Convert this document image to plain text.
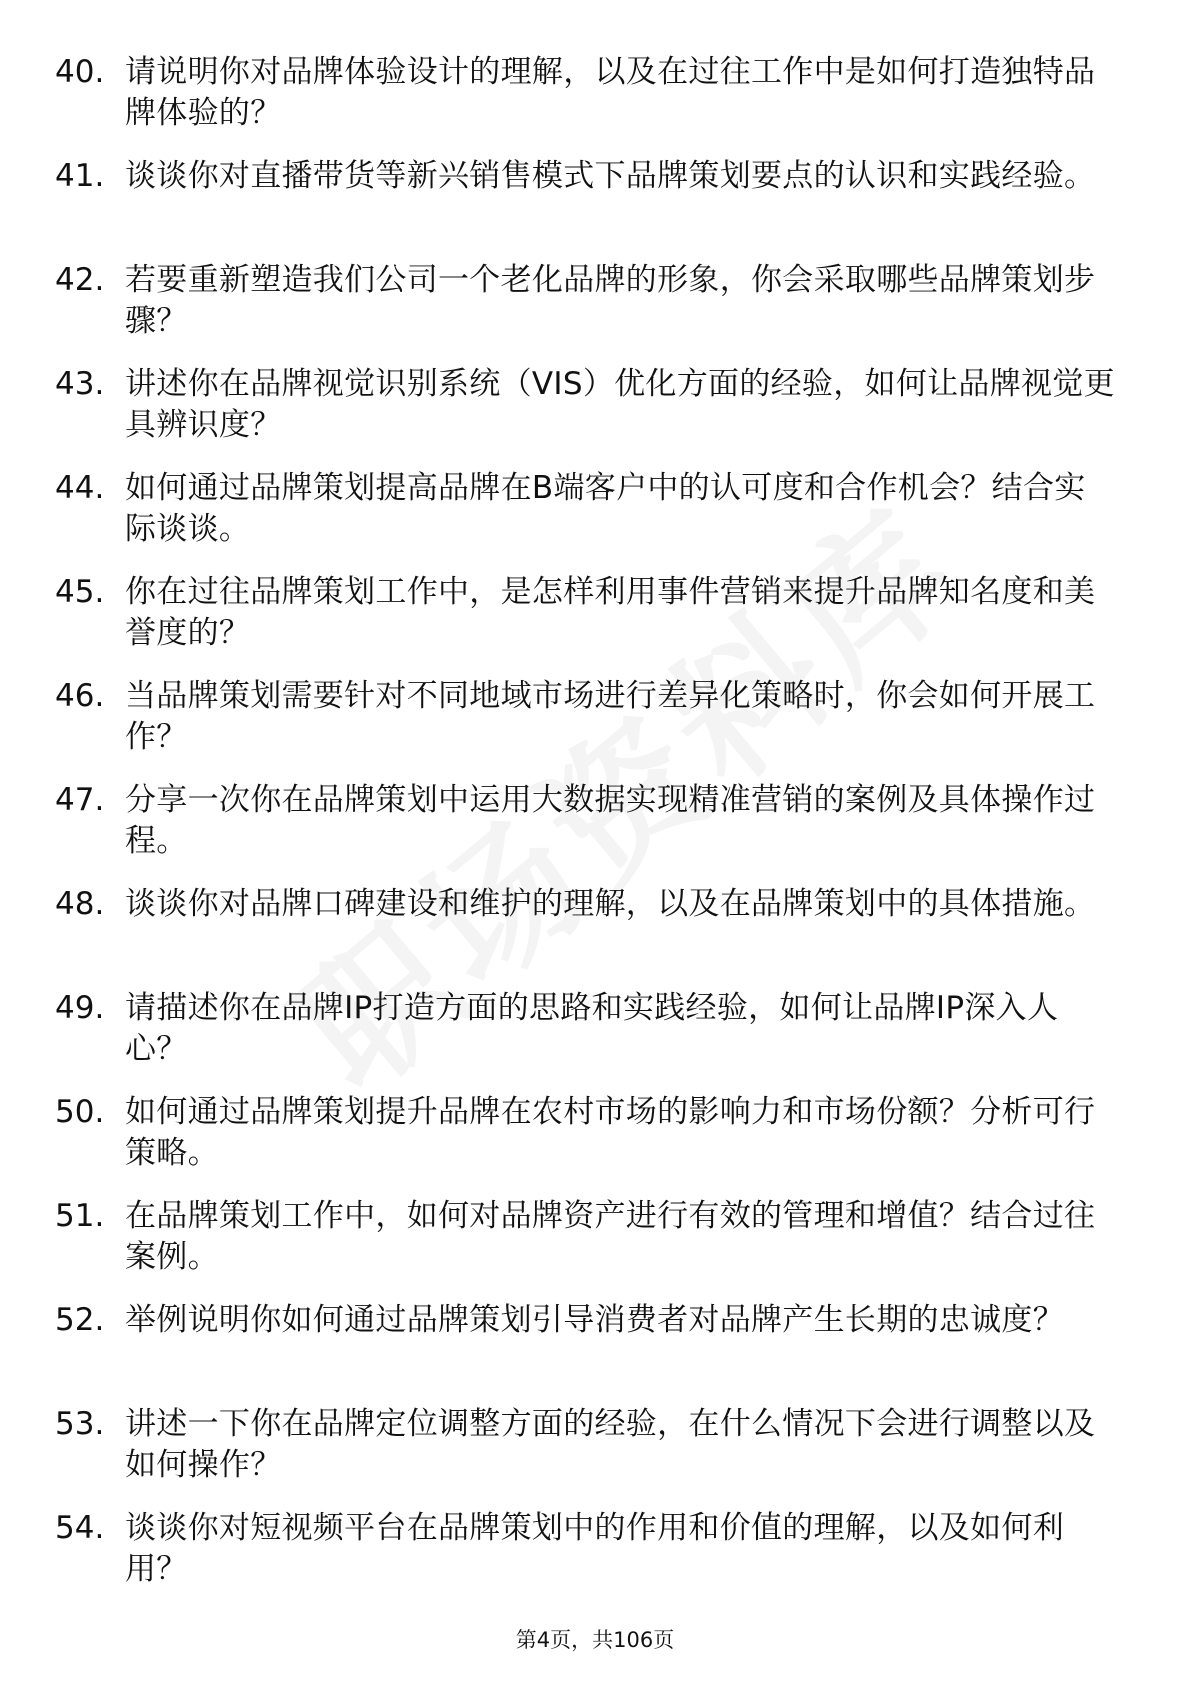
40. 请说明你对品牌体验设计的理解，以及在过往工作中是如何打造独特品牌体验的？
41. 谈谈你对直播带货等新兴销售模式下品牌策划要点的认识和实践经验。
42. 若要重新塑造我们公司一个老化品牌的形象，你会采取哪些品牌策划步骤？
43. 讲述你在品牌视觉识别系统（VIS）优化方面的经验，如何让品牌视觉更具辨识度？
44. 如何通过品牌策划提高品牌在B端客户中的认可度和合作机会？结合实际谈谈。
45. 你在过往品牌策划工作中，是怎样利用事件营销来提升品牌知名度和美誉度的？
46. 当品牌策划需要针对不同地域市场进行差异化策略时，你会如何开展工作？
47. 分享一次你在品牌策划中运用大数据实现精准营销的案例及具体操作过程。
48. 谈谈你对品牌口碑建设和维护的理解，以及在品牌策划中的具体措施。
49. 请描述你在品牌IP打造方面的思路和实践经验，如何让品牌IP深入人心？
50. 如何通过品牌策划提升品牌在农村市场的影响力和市场份额？分析可行策略。
51. 在品牌策划工作中，如何对品牌资产进行有效的管理和增值？结合过往案例。
52. 举例说明你如何通过品牌策划引导消费者对品牌产生长期的忠诚度？
53. 讲述一下你在品牌定位调整方面的经验，在什么情况下会进行调整以及如何操作？
54. 谈谈你对短视频平台在品牌策划中的作用和价值的理解，以及如何利用？
第4页，共106页
